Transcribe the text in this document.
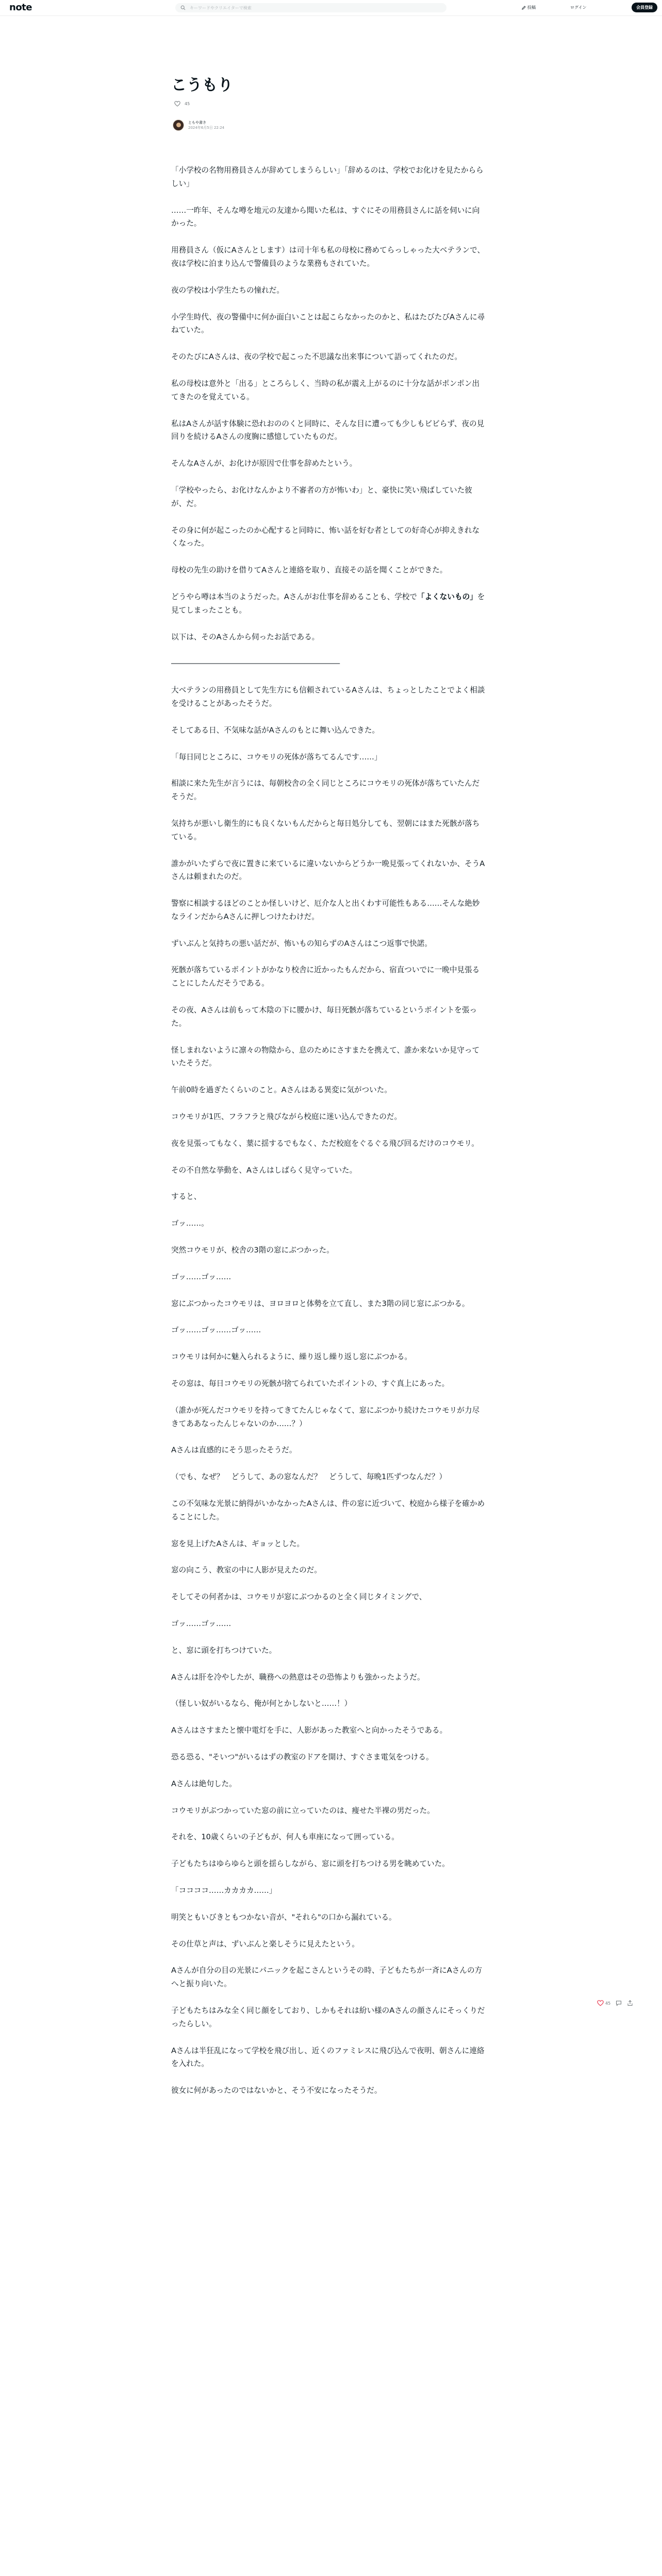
note
キーワードやクリエイターで検索	投稿	ログイン	会員登録
こうもり
45
ともや書き
2024年6月5日 22:24

「小学校の名物用務員さんが辞めてしまうらしい」「辞めるのは、学校でお化けを見たかららしい」

……一昨年、そんな噂を地元の友達から聞いた私は、すぐにその用務員さんに話を伺いに向かった。

用務員さん（仮にAさんとします）は司十年も私の母校に務めてらっしゃった大ベテランで、夜は学校に泊まり込んで警備員のような業務もされていた。

夜の学校は小学生たちの憧れだ。

小学生時代、夜の警備中に何か面白いことは起こらなかったのかと、私はたびたびAさんに尋ねていた。

そのたびにAさんは、夜の学校で起こった不思議な出来事について語ってくれたのだ。

私の母校は意外と「出る」ところらしく、当時の私が震え上がるのに十分な話がポンポン出てきたのを覚えている。

私はAさんが話す体験に恐れおののくと同時に、そんな目に遭っても少しもビビらず、夜の見回りを続けるAさんの度胸に感憶していたものだ。

そんなAさんが、お化けが原因で仕事を辞めたという。

「学校やったら、お化けなんかより不審者の方が怖いわ」と、豪快に笑い飛ばしていた彼が、だ。

その身に何が起こったのか心配すると同時に、怖い話を好む者としての好奇心が抑えきれなくなった。

母校の先生の助けを借りてAさんと連絡を取り、直接その話を聞くことができた。

どうやら噂は本当のようだった。Aさんがお仕事を辞めることも、学校で「よくないもの」を見てしまったことも。

以下は、そのAさんから伺ったお話である。

――――――――――――――――――――――――

大ベテランの用務員として先生方にも信頼されているAさんは、ちょっとしたことでよく相談を受けることがあったそうだ。

そしてある日、不気味な話がAさんのもとに舞い込んできた。

「毎日同じところに、コウモリの死体が落ちてるんです……」

相談に来た先生が言うには、毎朝校舎の全く同じところにコウモリの死体が落ちていたんだそうだ。

気持ちが悪いし衛生的にも良くないもんだからと毎日処分しても、翌朝にはまた死骸が落ちている。

誰かがいたずらで夜に置きに来ているに違いないからどうか一晩見張ってくれないか、そうAさんは頼まれたのだ。

警察に相談するほどのことか怪しいけど、厄介な人と出くわす可能性もある……そんな絶妙なラインだからAさんに押しつけたわけだ。

ずいぶんと気持ちの悪い話だが、怖いもの知らずのAさんはこつ返事で快諾。

死骸が落ちているポイントがかなり校舎に近かったもんだから、宿直ついでに一晩中見張ることにしたんだそうである。

その夜、Aさんは前もって木陰の下に腰かけ、毎日死骸が落ちているというポイントを張った。

怪しまれないように凛々の物陰から、息のためにさすまたを携えて、誰か来ないか見守っていたそうだ。

午前0時を過ぎたくらいのこと。Aさんはある異変に気がついた。

コウモリが1匹、フラフラと飛びながら校庭に迷い込んできたのだ。

夜を見張ってもなく、葉に揺するでもなく、ただ校庭をぐるぐる飛び回るだけのコウモリ。

その不自然な挙動を、Aさんはしばらく見守っていた。

すると、

ゴッ……。

突然コウモリが、校舎の3階の窓にぶつかった。

ゴッ……ゴッ……

窓にぶつかったコウモリは、ヨロヨロと体勢を立て直し、また3階の同じ窓にぶつかる。

ゴッ……ゴッ……ゴッ……

コウモリは何かに魅入られるように、繰り返し繰り返し窓にぶつかる。

その窓は、毎日コウモリの死骸が捨てられていたポイントの、すぐ真上にあった。

（誰かが死んだコウモリを持ってきてたんじゃなくて、窓にぶつかり続けたコウモリが力尽きてああなったんじゃないのか……？）

Aさんは直感的にそう思ったそうだ。

（でも、なぜ？　どうして、あの窓なんだ？　どうして、毎晩1匹ずつなんだ？）

この不気味な光景に納得がいかなかったAさんは、件の窓に近づいて、校庭から様子を確かめることにした。

窓を見上げたAさんは、ギョッとした。

窓の向こう、教室の中に人影が見えたのだ。

そしてその何者かは、コウモリが窓にぶつかるのと全く同じタイミングで、

ゴッ……ゴッ……

と、窓に頭を打ちつけていた。

Aさんは肝を冷やしたが、職務への熱意はその恐怖よりも強かったようだ。

（怪しい奴がいるなら、俺が何とかしないと……！）

Aさんはさすまたと懐中電灯を手に、人影があった教室へと向かったそうである。

恐る恐る、"そいつ"がいるはずの教室のドアを開け、すぐさま電気をつける。

Aさんは絶句した。

コウモリがぶつかっていた窓の前に立っていたのは、痩せた半裸の男だった。

それを、10歳くらいの子どもが、何人も車座になって囲っている。

子どもたちはゆらゆらと頭を揺らしながら、窓に頭を打ちつける男を眺めていた。

「ココココ……カカカカ……」

明笑ともいびきともつかない音が、"それら"の口から漏れている。

その仕草と声は、ずいぶんと楽しそうに見えたという。

Aさんが自分の目の光景にパニックを起こさんというその時、子どもたちが一斉にAさんの方へと振り向いた。

子どもたちはみな全く同じ顔をしており、しかもそれは紛い様のAさんの顔さんにそっくりだったらしい。

Aさんは半狂乱になって学校を飛び出し、近くのファミレスに飛び込んで夜明、朝さんに連絡を入れた。

彼女に何があったのではないかと、そう不安になったそうだ。

45
